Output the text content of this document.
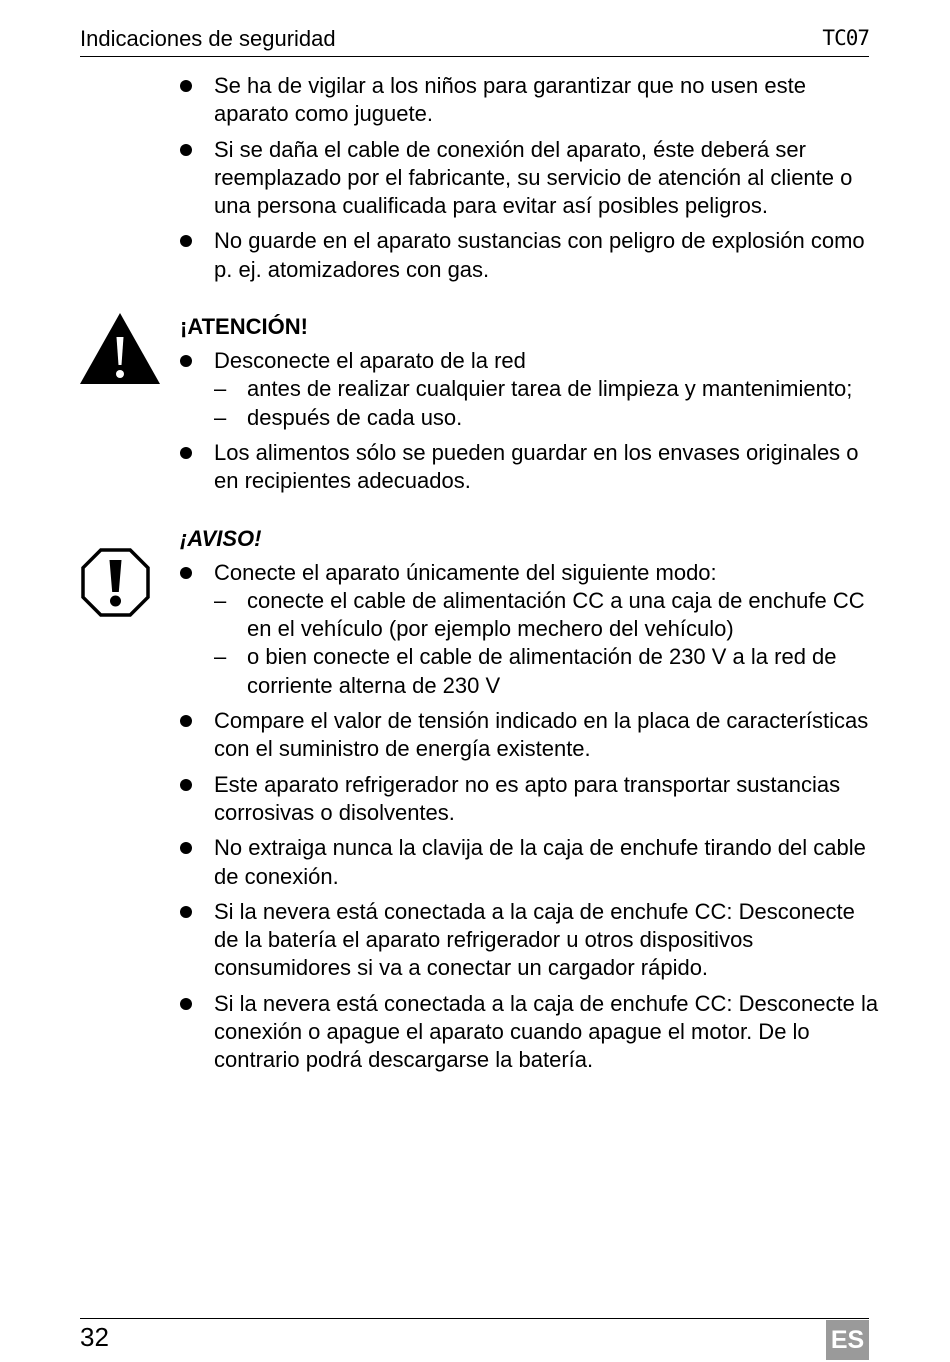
Indicaciones de seguridad	TC07
Se ha de vigilar a los niños para garantizar que no usen este aparato como juguete.
Si se daña el cable de conexión del aparato, éste deberá ser reemplazado por el fabricante, su servicio de atención al cliente o una persona cualificada para evitar así posibles peligros.
No guarde en el aparato sustancias con peligro de explosión como p. ej. atomizadores con gas.
¡ATENCIÓN!
Desconecte el aparato de la red
– antes de realizar cualquier tarea de limpieza y mantenimiento;
– después de cada uso.
Los alimentos sólo se pueden guardar en los envases originales o en recipientes adecuados.
¡AVISO!
Conecte el aparato únicamente del siguiente modo:
– conecte el cable de alimentación CC a una caja de enchufe CC en el vehículo (por ejemplo mechero del vehículo)
– o bien conecte el cable de alimentación de 230 V a la red de corriente alterna de 230 V
Compare el valor de tensión indicado en la placa de características con el suministro de energía existente.
Este aparato refrigerador no es apto para transportar sustancias corrosivas o disolventes.
No extraiga nunca la clavija de la caja de enchufe tirando del cable de conexión.
Si la nevera está conectada a la caja de enchufe CC: Desconecte de la batería el aparato refrigerador u otros dispositivos consumidores si va a conectar un cargador rápido.
Si la nevera está conectada a la caja de enchufe CC: Desconecte la conexión o apague el aparato cuando apague el motor. De lo contrario podrá descargarse la batería.
32	ES
